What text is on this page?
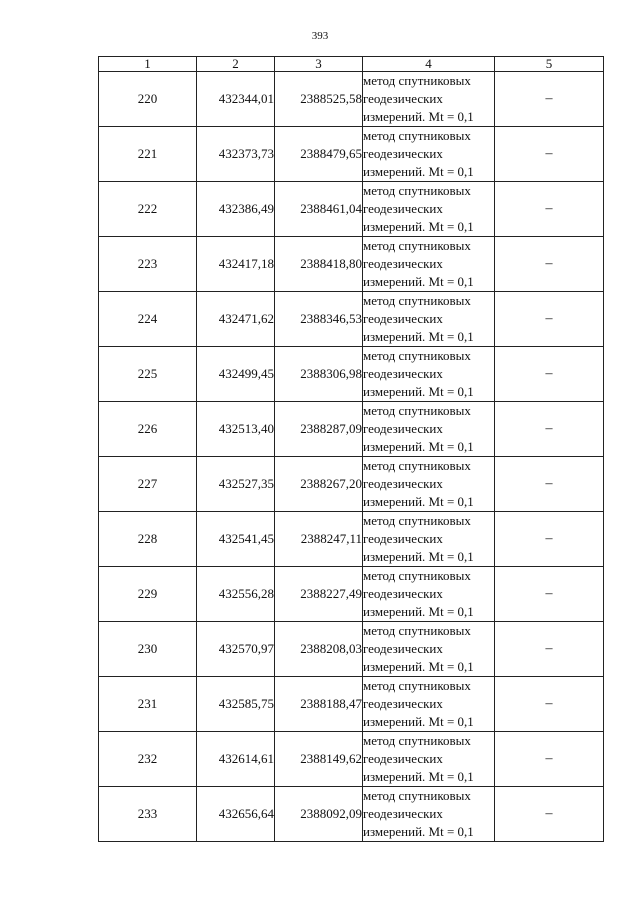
393
1	2	3	4	5
220	432344,01	2388525,58	метод спутниковых
геодезических
измерений. Mt = 0,1	–
221	432373,73	2388479,65	метод спутниковых
геодезических
измерений. Mt = 0,1	–
222	432386,49	2388461,04	метод спутниковых
геодезических
измерений. Mt = 0,1	–
223	432417,18	2388418,80	метод спутниковых
геодезических
измерений. Mt = 0,1	–
224	432471,62	2388346,53	метод спутниковых
геодезических
измерений. Mt = 0,1	–
225	432499,45	2388306,98	метод спутниковых
геодезических
измерений. Mt = 0,1	–
226	432513,40	2388287,09	метод спутниковых
геодезических
измерений. Mt = 0,1	–
227	432527,35	2388267,20	метод спутниковых
геодезических
измерений. Mt = 0,1	–
228	432541,45	2388247,11	метод спутниковых
геодезических
измерений. Mt = 0,1	–
229	432556,28	2388227,49	метод спутниковых
геодезических
измерений. Mt = 0,1	–
230	432570,97	2388208,03	метод спутниковых
геодезических
измерений. Mt = 0,1	–
231	432585,75	2388188,47	метод спутниковых
геодезических
измерений. Mt = 0,1	–
232	432614,61	2388149,62	метод спутниковых
геодезических
измерений. Mt = 0,1	–
233	432656,64	2388092,09	метод спутниковых
геодезических
измерений. Mt = 0,1	–
